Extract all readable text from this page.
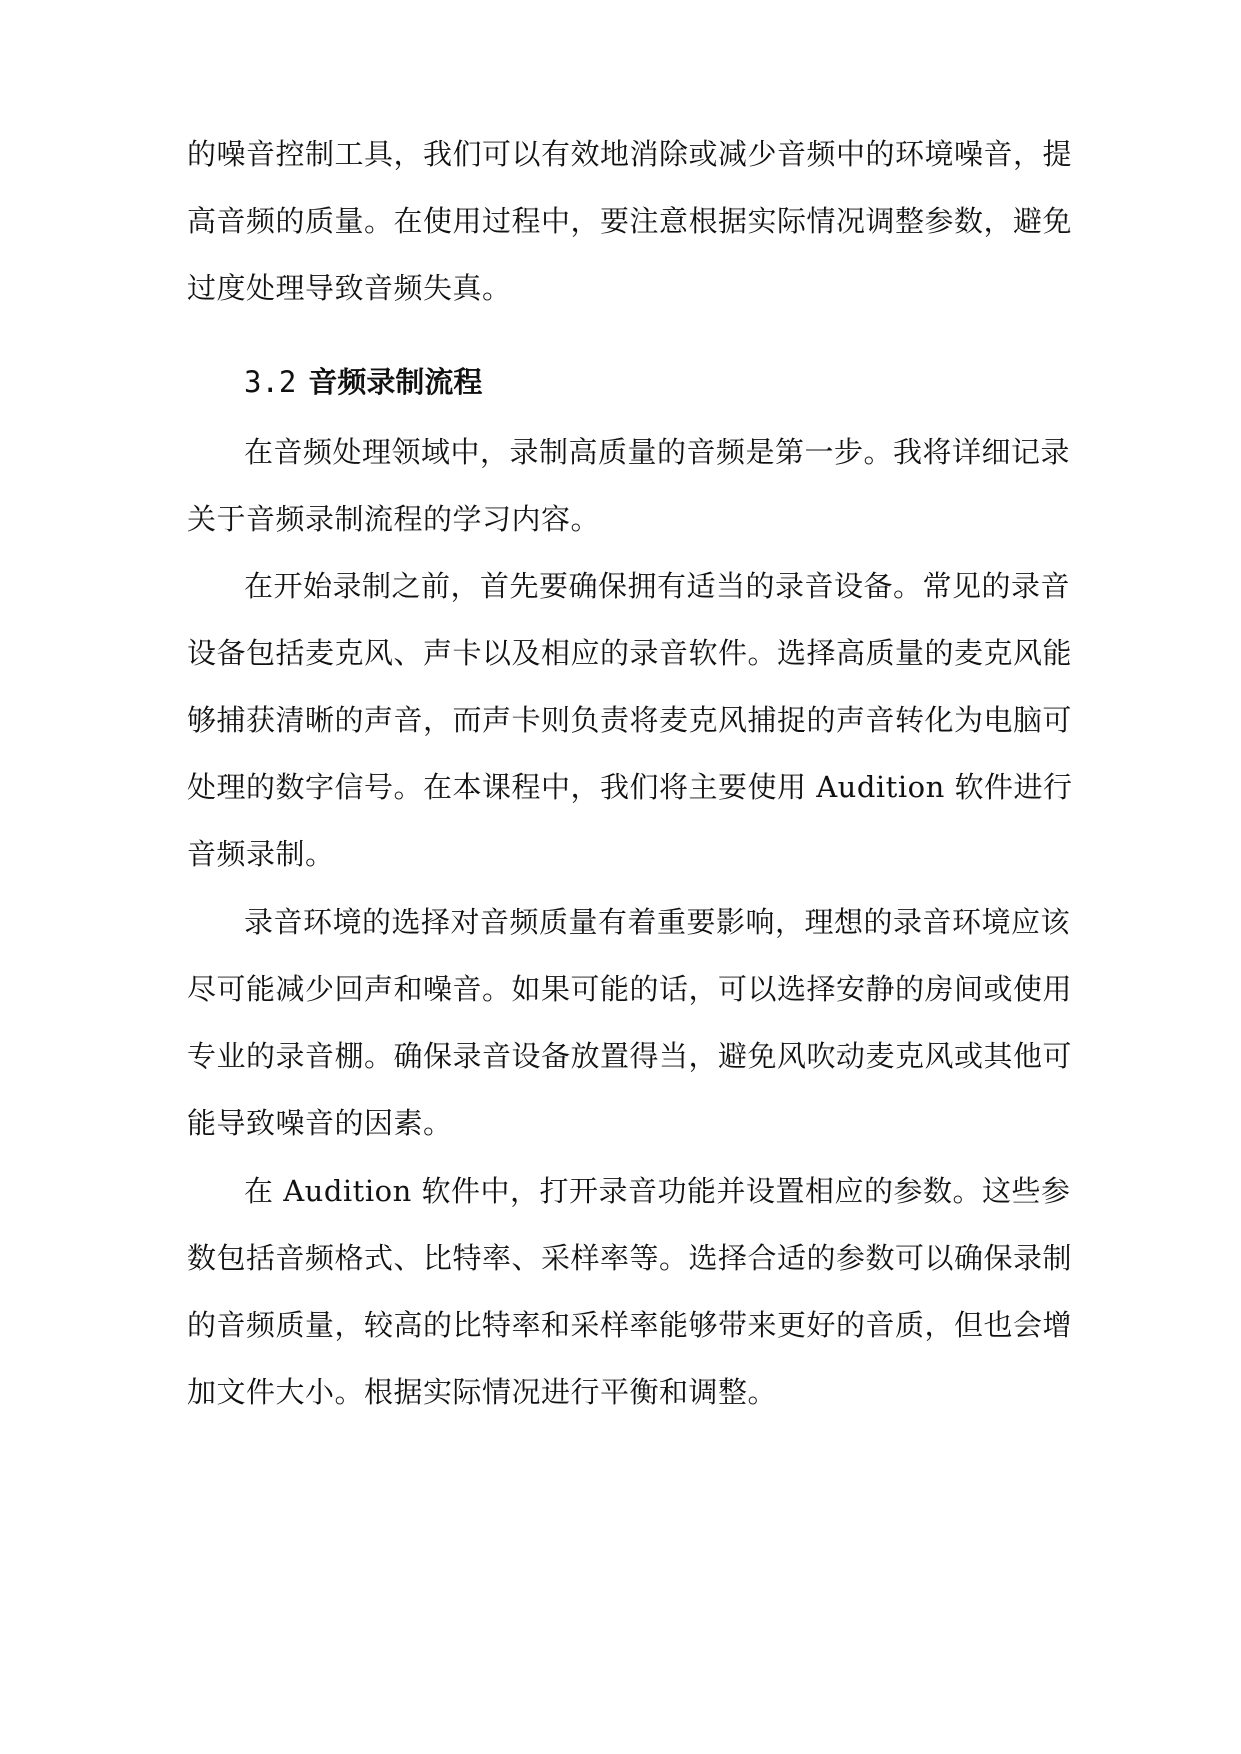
的噪音控制工具，我们可以有效地消除或减少音频中的环境噪音，提

高音频的质量。在使用过程中，要注意根据实际情况调整参数，避免

过度处理导致音频失真。

3.2 音频录制流程

在音频处理领域中，录制高质量的音频是第一步。我将详细记录

关于音频录制流程的学习内容。

在开始录制之前，首先要确保拥有适当的录音设备。常见的录音

设备包括麦克风、声卡以及相应的录音软件。选择高质量的麦克风能

够捕获清晰的声音，而声卡则负责将麦克风捕捉的声音转化为电脑可

处理的数字信号。在本课程中，我们将主要使用 Audition 软件进行

音频录制。

录音环境的选择对音频质量有着重要影响，理想的录音环境应该

尽可能减少回声和噪音。如果可能的话，可以选择安静的房间或使用

专业的录音棚。确保录音设备放置得当，避免风吹动麦克风或其他可

能导致噪音的因素。

在 Audition 软件中，打开录音功能并设置相应的参数。这些参

数包括音频格式、比特率、采样率等。选择合适的参数可以确保录制

的音频质量，较高的比特率和采样率能够带来更好的音质，但也会增

加文件大小。根据实际情况进行平衡和调整。
